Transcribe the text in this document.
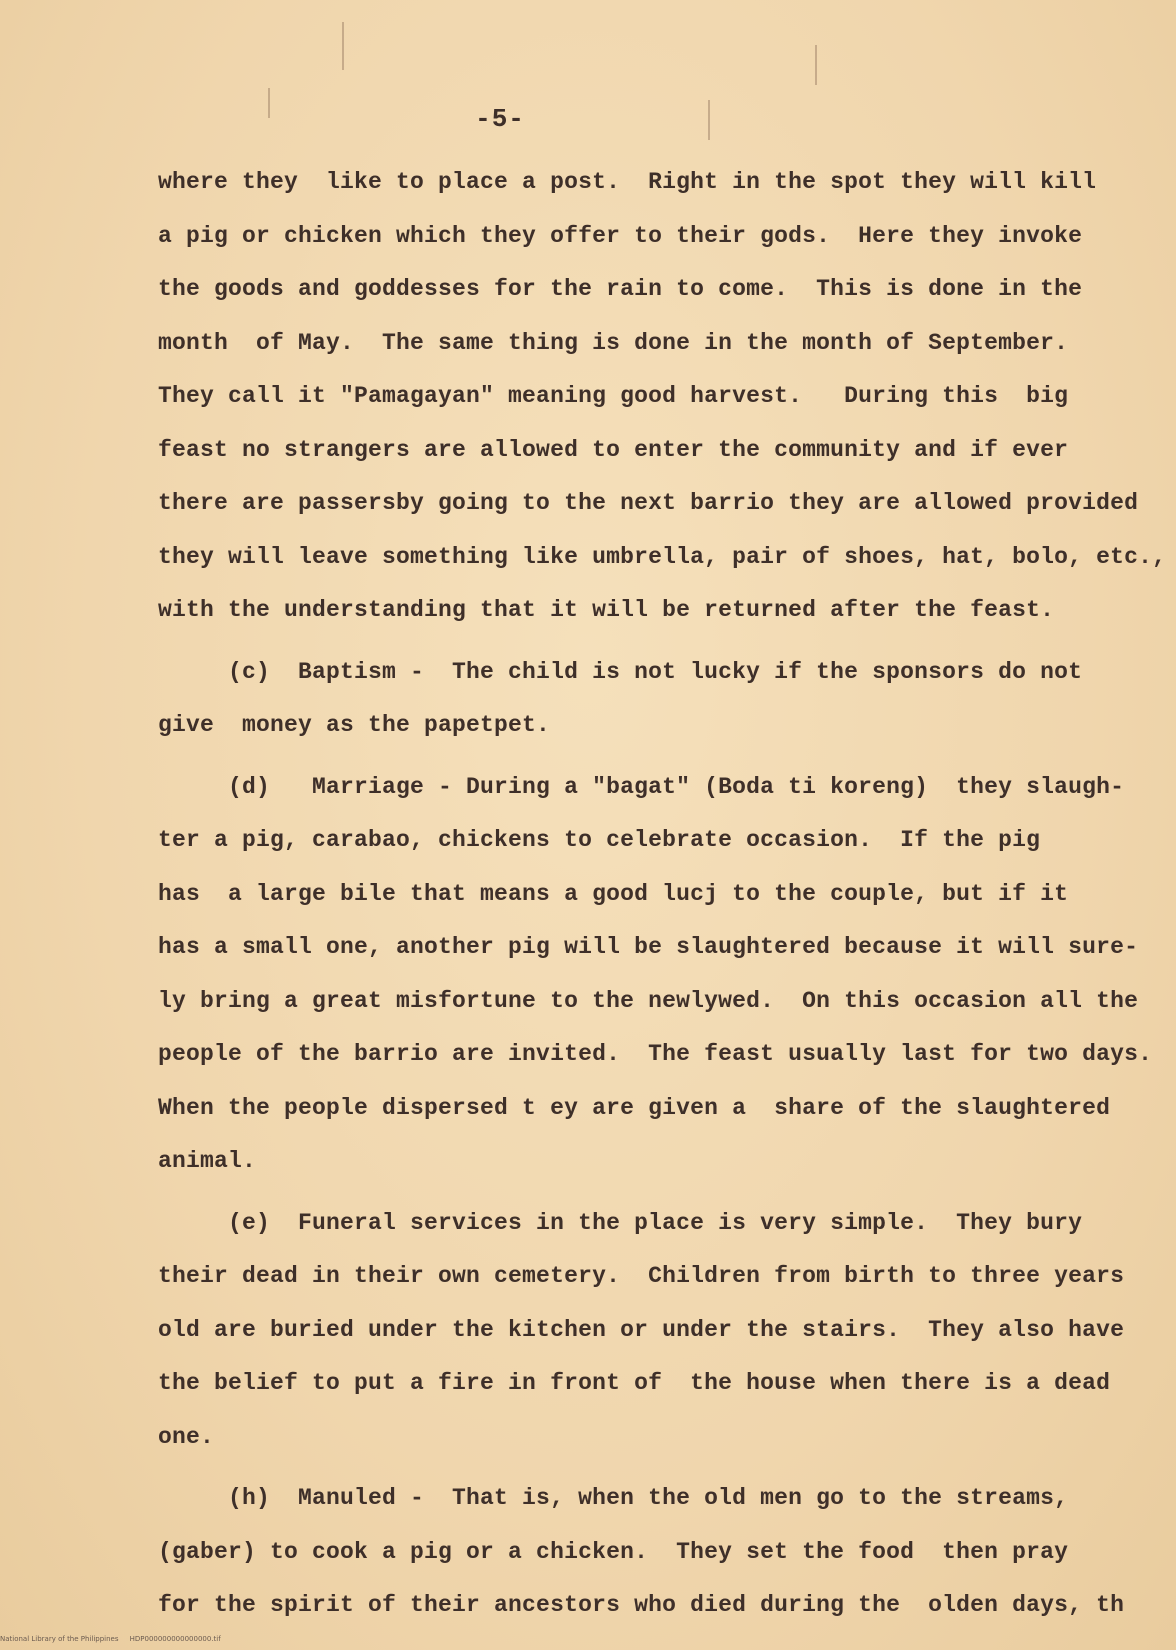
-5-
where they  like to place a post.  Right in the spot they will kill
a pig or chicken which they offer to their gods.  Here they invoke
the goods and goddesses for the rain to come.  This is done in the
month  of May.  The same thing is done in the month of September.
They call it "Pamagayan" meaning good harvest.   During this  big
feast no strangers are allowed to enter the community and if ever
there are passersby going to the next barrio they are allowed provided
they will leave something like umbrella, pair of shoes, hat, bolo, etc.,
with the understanding that it will be returned after the feast.
(c)  Baptism -  The child is not lucky if the sponsors do not
give  money as the papetpet.
(d)   Marriage - During a "bagat" (Boda ti koreng)  they slaugh-
ter a pig, carabao, chickens to celebrate occasion.  If the pig
has  a large bile that means a good lucj to the couple, but if it
has a small one, another pig will be slaughtered because it will sure-
ly bring a great misfortune to the newlywed.  On this occasion all the
people of the barrio are invited.  The feast usually last for two days.
When the people dispersed t ey are given a  share of the slaughtered
animal.
(e)  Funeral services in the place is very simple.  They bury
their dead in their own cemetery.  Children from birth to three years
old are buried under the kitchen or under the stairs.  They also have
the belief to put a fire in front of  the house when there is a dead
one.
(h)  Manuled -  That is, when the old men go to the streams,
(gaber) to cook a pig or a chicken.  They set the food  then pray
for the spirit of their ancestors who died during the  olden days, th
National Library of the Philippines     HDP000000000000000.tif
